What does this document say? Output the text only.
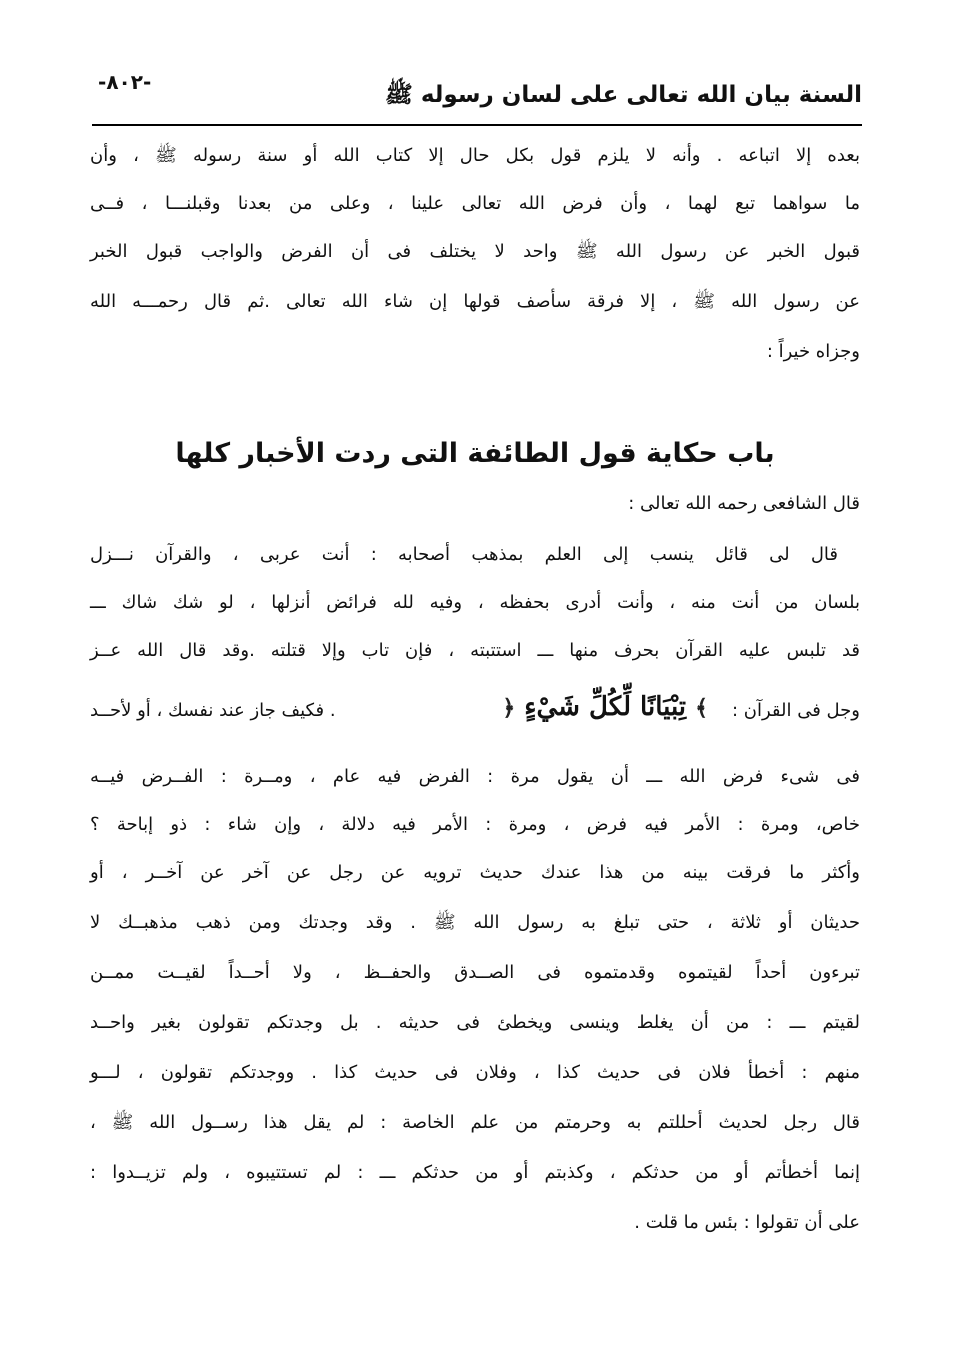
-٨٠٢-	السنة بيان الله تعالى على لسان رسوله ﷺ
بعده إلا اتباعه . وأنه لا يلزم قول بكل حال إلا كتاب الله أو سنة رسوله ﷺ ، وأن
ما سواهما تبع لهما ، وأن فرض الله تعالى علينا ، وعلى من بعدنا وقبلنـــا ، فــى
قبول الخبر عن رسول الله ﷺ واحد لا يختلف فى أن الفرض والواجب قبول الخبر
عن رسول الله ﷺ ، إلا فرقة سأصف قولها إن شاء الله تعالى .ثم قال رحمـــه الله
وجزاه خيراً :
باب حكاية قول الطائفة التى ردت الأخبار كلها
قال الشافعى رحمه الله تعالى :
قال لى قائل ينسب إلى العلم بمذهب أصحابه : أنت عربى ، والقرآن نـــزل
بلسان من أنت منه ، وأنت أدرى بحفظه ، وفيه لله فرائض أنزلها ، لو شك شاك ـــ
قد تلبس عليه القرآن بحرف منها ـــ استتبته ، فإن تاب وإلا قتلته .وقد قال الله عــز
وجل فى القرآن :
﴾ تِبْيَانًا لِّكُلِّ شَيْءٍ ﴿
. فكيف جاز عند نفسك ، أو لأحــد
فى شىء فرض الله ـــ أن يقول مرة : الفرض فيه عام ، ومــرة : الفــرض فيــه
خاص، ومرة : الأمر فيه فرض ، ومرة : الأمر فيه دلالة ، وإن شاء : ذو إباحة ؟
وأكثر ما فرقت بينه من هذا عندك حديث ترويه عن رجل عن آخر عن آخــر ، أو
حديثان أو ثلاثة ، حتى تبلغ به رسول الله ﷺ . وقد وجدتك ومن ذهب مذهبــك لا
تبرءون أحداً لقيتموه وقدمتموه فى الصــدق والحفــظ ، ولا أحــداً لقيــت ممــن
لقيتم ـــ : من أن يغلط وينسى ويخطئ فى حديثه . بل وجدتكم تقولون بغير واحــد
منهم : أخطأ فلان فى حديث كذا ، وفلان فى حديث كذا . ووجدتكم تقولون ، لـــو
قال رجل لحديث أحللتم به وحرمتم من علم الخاصة : لم يقل هذا رســول الله ﷺ ،
إنما أخطأتم أو من حدثكم ، وكذبتم أو من حدثكم ـــ : لم تستتيبوه ، ولم تزيــدوا :
على أن تقولوا : بئس ما قلت .
